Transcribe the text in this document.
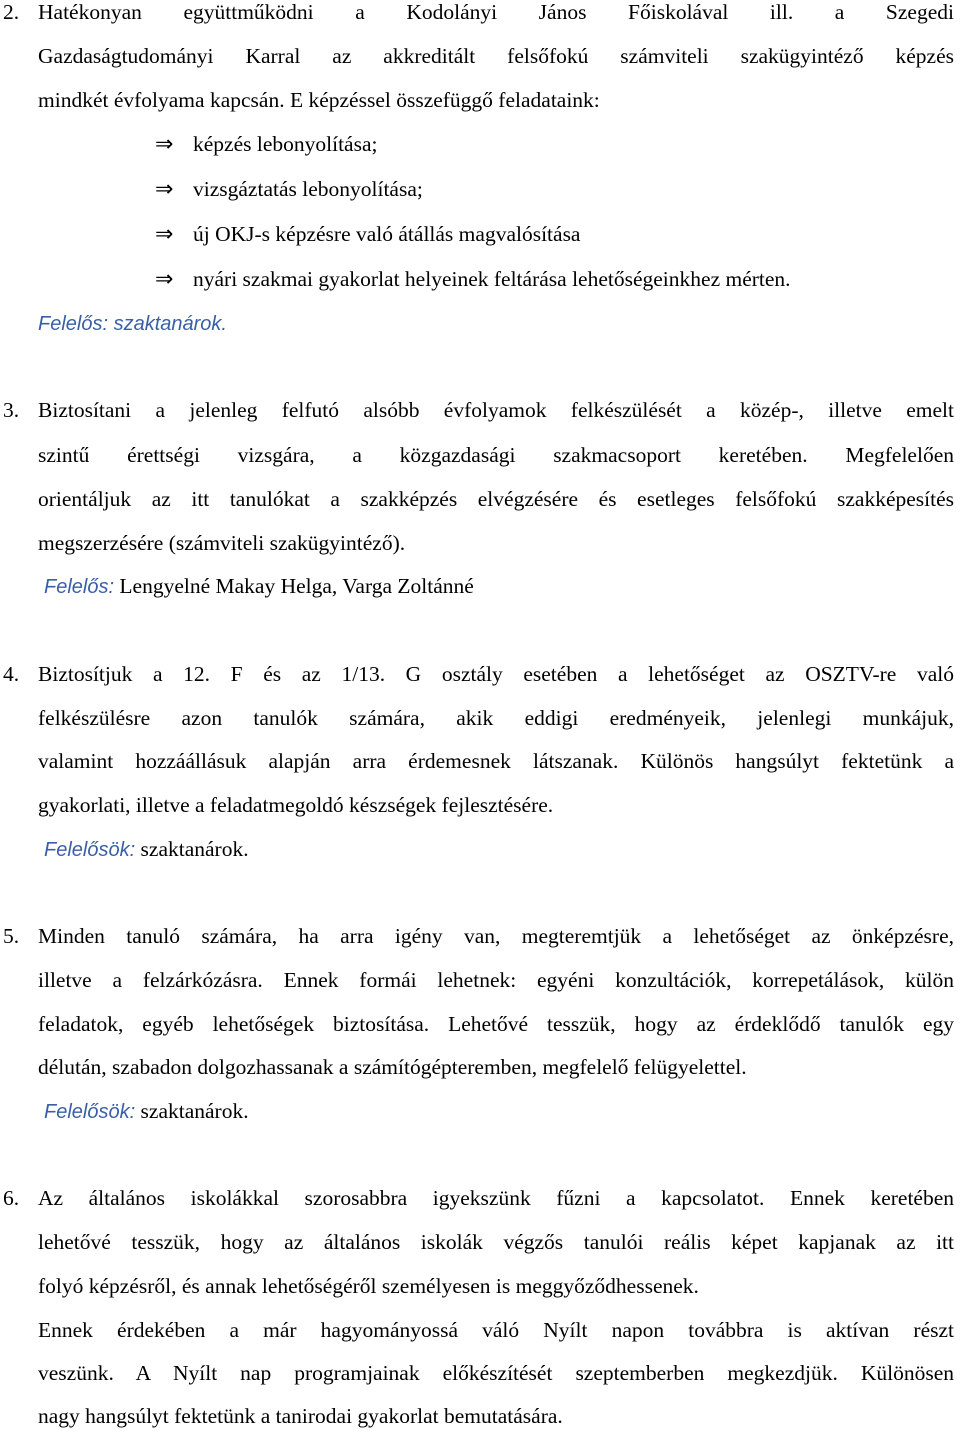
2. Hatékonyan együttműködni a Kodolányi János Főiskolával ill. a Szegedi
Gazdaságtudományi Karral az akkreditált felsőfokú számviteli szakügyintéző képzés
mindkét évfolyama kapcsán. E képzéssel összefüggő feladataink:
⇒ képzés lebonyolítása;
⇒ vizsgáztatás lebonyolítása;
⇒ új OKJ-s képzésre való átállás magvalósítása
⇒ nyári szakmai gyakorlat helyeinek feltárása lehetőségeinkhez mérten.
Felelős: szaktanárok.
3. Biztosítani a jelenleg felfutó alsóbb évfolyamok felkészülését a közép-, illetve emelt
szintű érettségi vizsgára, a közgazdasági szakmacsoport keretében. Megfelelően
orientáljuk az itt tanulókat a szakképzés elvégzésére és esetleges felsőfokú szakképesítés
megszerzésére (számviteli szakügyintéző).
Felelős: Lengyelné Makay Helga, Varga Zoltánné
4. Biztosítjuk a 12. F és az 1/13. G osztály esetében a lehetőséget az OSZTV-re való
felkészülésre azon tanulók számára, akik eddigi eredményeik, jelenlegi munkájuk,
valamint hozzáállásuk alapján arra érdemesnek látszanak. Különös hangsúlyt fektetünk a
gyakorlati, illetve a feladatmegoldó készségek fejlesztésére.
Felelősök: szaktanárok.
5. Minden tanuló számára, ha arra igény van, megteremtjük a lehetőséget az önképzésre,
illetve a felzárkózásra. Ennek formái lehetnek: egyéni konzultációk, korrepetálások, külön
feladatok, egyéb lehetőségek biztosítása. Lehetővé tesszük, hogy az érdeklődő tanulók egy
délután, szabadon dolgozhassanak a számítógépteremben, megfelelő felügyelettel.
Felelősök: szaktanárok.
6. Az általános iskolákkal szorosabbra igyekszünk fűzni a kapcsolatot. Ennek keretében
lehetővé tesszük, hogy az általános iskolák végzős tanulói reális képet kapjanak az itt
folyó képzésről, és annak lehetőségéről személyesen is meggyőződhessenek.
Ennek érdekében a már hagyományossá váló Nyílt napon továbbra is aktívan részt
veszünk. A Nyílt nap programjainak előkészítését szeptemberben megkezdjük. Különösen
nagy hangsúlyt fektetünk a tanirodai gyakorlat bemutatására.
